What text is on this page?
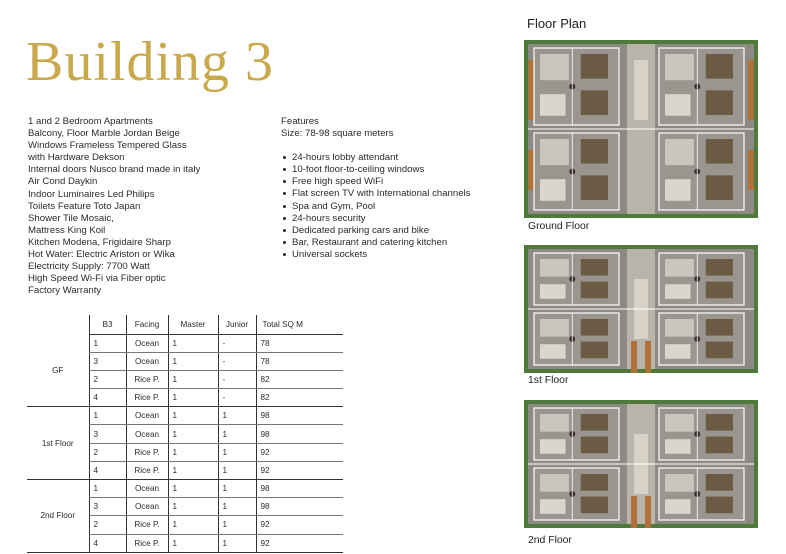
Building 3
1 and 2 Bedroom Apartments
Balcony, Floor Marble Jordan Beige
Windows Frameless Tempered Glass
with Hardware Dekson
Internal doors Nusco brand made in italy
Air Cond Daykin
Indoor Luminaires Led Philips
Toilets Feature Toto Japan
Shower Tile Mosaic,
Mattress King Koil
Kitchen Modena, Frigidaire Sharp
Hot Water: Electric Ariston or Wika
Electricity Supply: 7700 Watt
High Speed Wi-Fi via Fiber optic
Factory Warranty
Features
Size: 78-98 square meters
24-hours lobby attendant
10-foot floor-to-ceiling windows
Free high speed WiFi
Flat screen TV with International channels
Spa and Gym, Pool
24-hours security
Dedicated parking cars and bike
Bar, Restaurant and catering kitchen
Universal sockets
	B3	Facing	Master	Junior	Total SQ M
GF	1	Ocean	1	-	78
	3	Ocean	1	-	78
	2	Rice P.	1	-	82
	4	Rice P.	1	-	82
1st Floor	1	Ocean	1	1	98
	3	Ocean	1	1	98
	2	Rice P.	1	1	92
	4	Rice P.	1	1	92
2nd Floor	1	Ocean	1	1	98
	3	Ocean	1	1	98
	2	Rice P.	1	1	92
	4	Rice P.	1	1	92
Floor Plan
Ground Floor
1st Floor
2nd Floor
